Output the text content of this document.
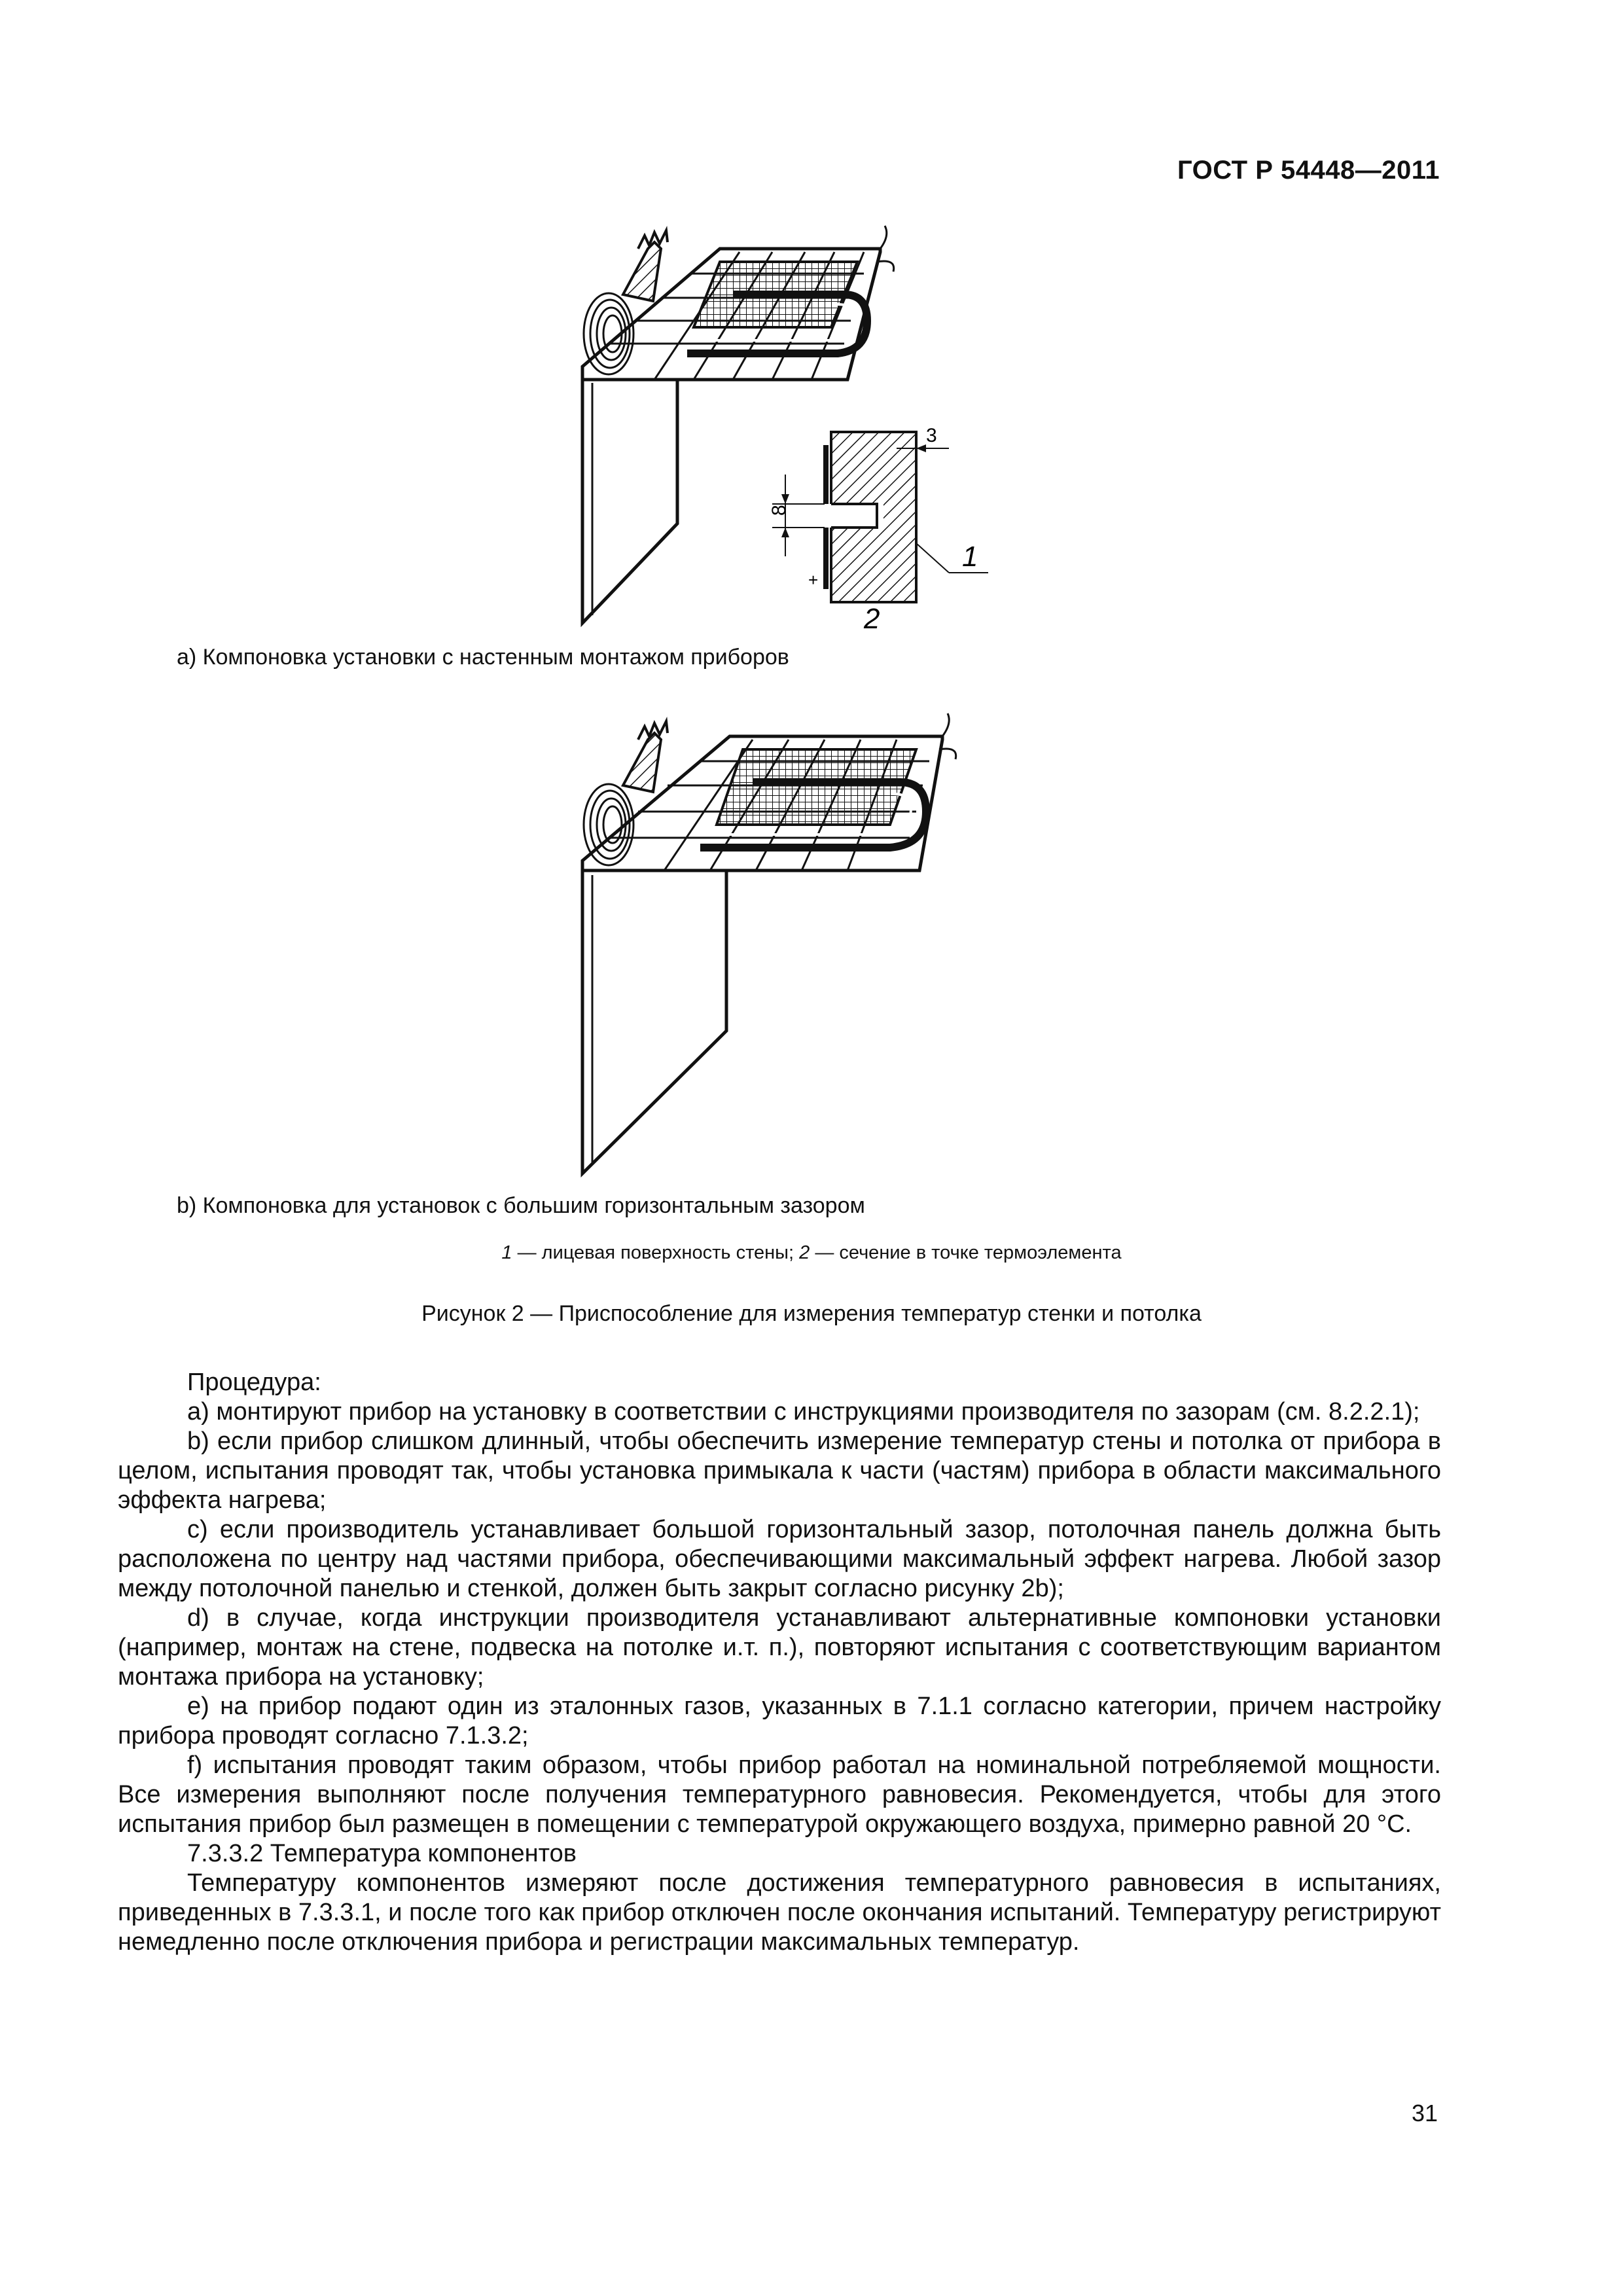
ГОСТ Р 54448—2011
8
3
1
+
2
a) Компоновка установки с настенным монтажом приборов
b) Компоновка для установок с большим горизонтальным зазором
1 — лицевая поверхность стены; 2 — сечение в точке термоэлемента
Рисунок 2 — Приспособление для измерения температур стенки и потолка

Процедура:

a) монтируют прибор на установку в соответствии с инструкциями производителя по зазорам (см. 8.2.2.1);

b) если прибор слишком длинный, чтобы обеспечить измерение температур стены и потолка от прибора в целом, испытания проводят так, чтобы установка примыкала к части (частям) прибора в области максимального эффекта нагрева;

c) если производитель устанавливает большой горизонтальный зазор, потолочная панель должна быть расположена по центру над частями прибора, обеспечивающими максимальный эффект нагрева. Любой зазор между потолочной панелью и стенкой, должен быть закрыт согласно рисунку 2b);

d) в случае, когда инструкции производителя устанавливают альтернативные компоновки установки (например, монтаж на стене, подвеска на потолке и.т. п.), повторяют испытания с соответствующим вариантом монтажа прибора на установку;

e) на прибор подают один из эталонных газов, указанных в 7.1.1 согласно категории, причем настройку прибора проводят согласно 7.1.3.2;

f) испытания проводят таким образом, чтобы прибор работал на номинальной потребляемой мощности. Все измерения выполняют после получения температурного равновесия. Рекомендуется, чтобы для этого испытания прибор был размещен в помещении с температурой окружающего воздуха, примерно равной 20 °С.

7.3.3.2 Температура компонентов

Температуру компонентов измеряют после достижения температурного равновесия в испытаниях, приведенных в 7.3.3.1, и после того как прибор отключен после окончания испытаний. Температуру регистрируют немедленно после отключения прибора и регистрации максимальных температур.

31
